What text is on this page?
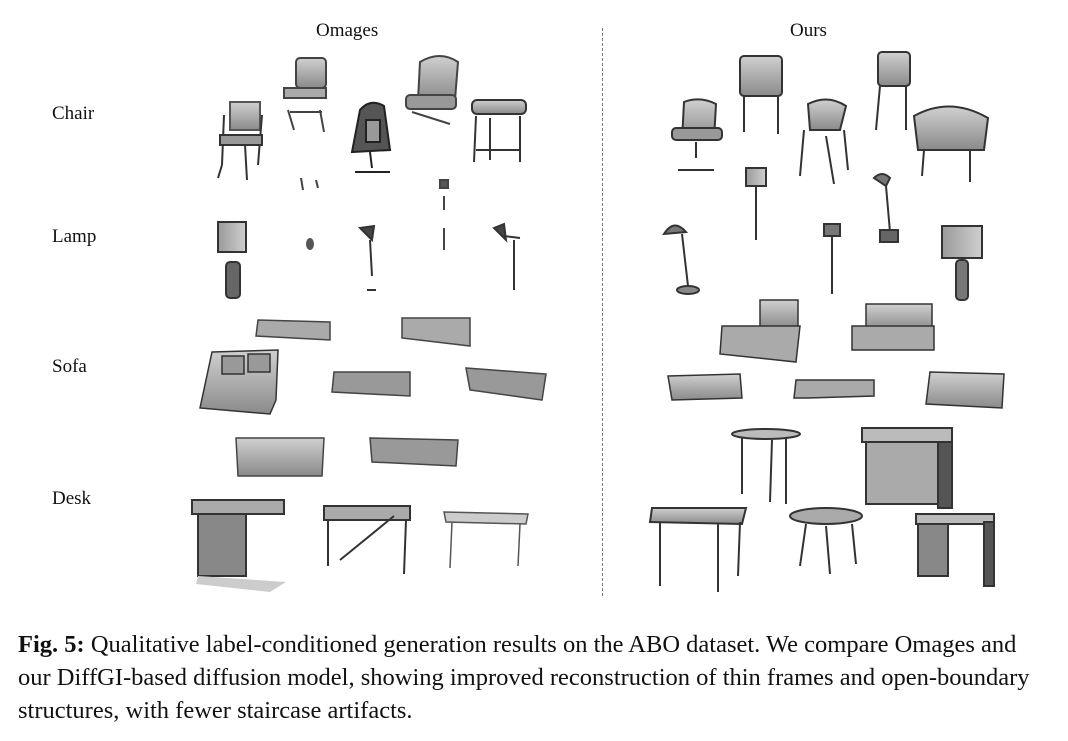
Omages	Ours
Chair
Lamp
Sofa
Desk
Fig. 5: Qualitative label-conditioned generation results on the ABO dataset. We compare Omages and our DiffGI-based diffusion model, showing improved reconstruction of thin frames and open-boundary structures, with fewer staircase artifacts.
